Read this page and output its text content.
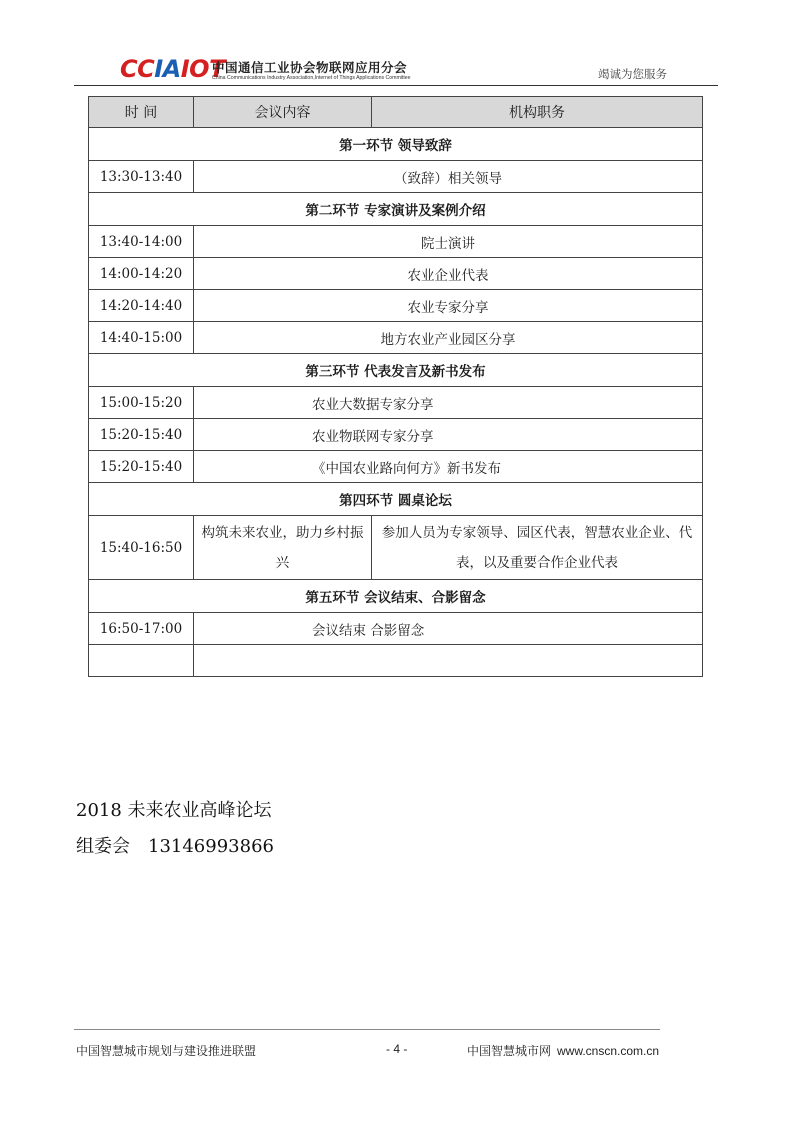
CCIAIOT
中国通信工业协会物联网应用分会
China Communications Industry Association,Internet of Things Applications Committee	竭诚为您服务
时 间	会议内容	机构职务
第一环节 领导致辞		
13:30-13:40	（致辞）相关领导	
第二环节 专家演讲及案例介绍		
13:40-14:00	院士演讲	
14:00-14:20	农业企业代表	
14:20-14:40	农业专家分享	
14:40-15:00	地方农业产业园区分享	
第三环节 代表发言及新书发布		
15:00-15:20	农业大数据专家分享	
15:20-15:40	农业物联网专家分享	
15:20-15:40	《中国农业路向何方》新书发布	
第四环节 圆桌论坛		
15:40-16:50	构筑未来农业，助力乡村振兴	参加人员为专家领导、园区代表，智慧农业企业、代表，以及重要合作企业代表
第五环节 会议结束、合影留念		
16:50-17:00	会议结束 合影留念	

2018 未来农业高峰论坛
组委会 13146993866
中国智慧城市规划与建设推进联盟	- 4 -	中国智慧城市网 www.cnscn.com.cn
